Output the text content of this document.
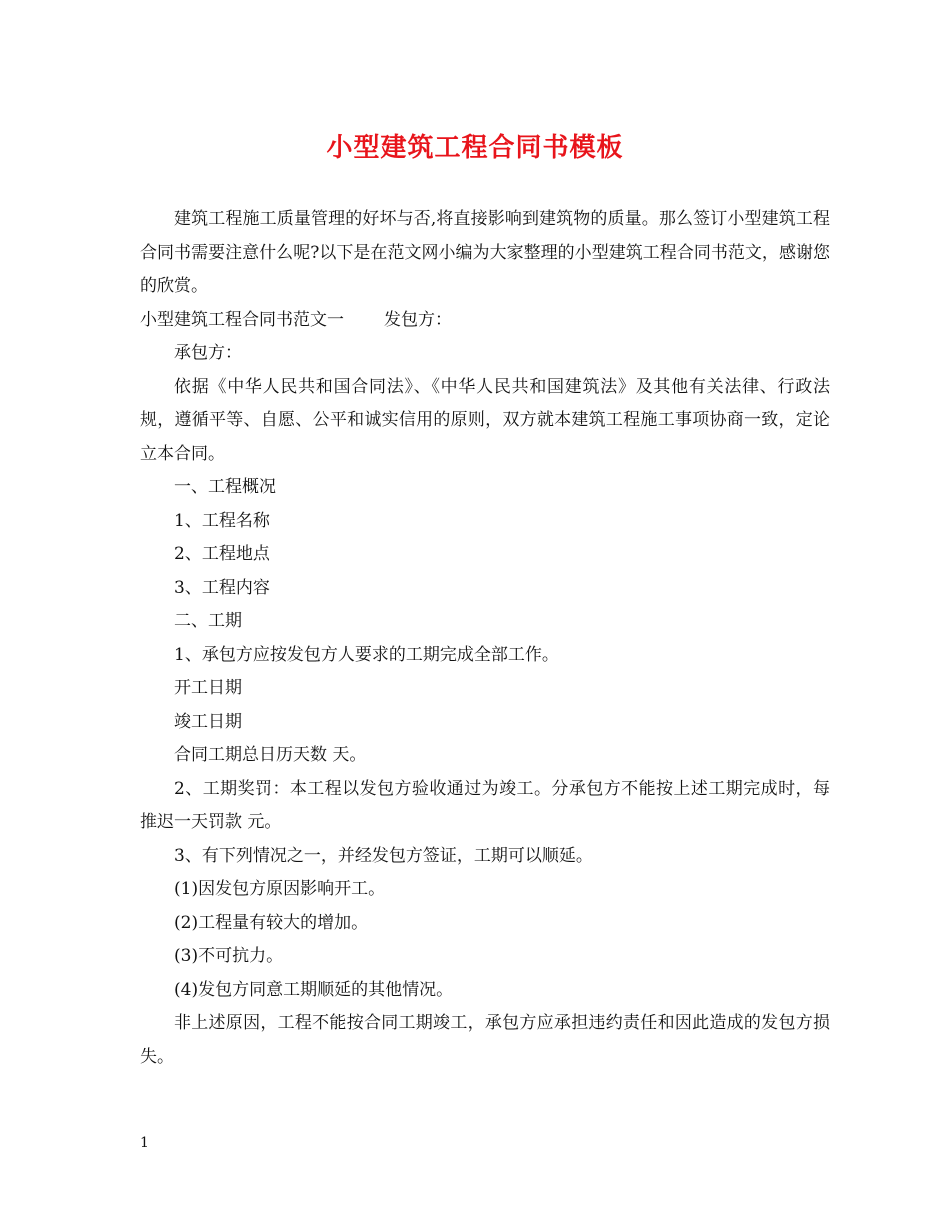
小型建筑工程合同书模板

建筑工程施工质量管理的好坏与否,将直接影响到建筑物的质量。那么签订小型建筑工程合同书需要注意什么呢?以下是在范文网小编为大家整理的小型建筑工程合同书范文，感谢您的欣赏。

小型建筑工程合同书范文一 发包方：

承包方：

依据《中华人民共和国合同法》、《中华人民共和国建筑法》及其他有关法律、行政法规，遵循平等、自愿、公平和诚实信用的原则，双方就本建筑工程施工事项协商一致，定论立本合同。

一、工程概况

1、工程名称

2、工程地点

3、工程内容

二、工期

1、承包方应按发包方人要求的工期完成全部工作。

开工日期

竣工日期

合同工期总日历天数 天。

2、工期奖罚：本工程以发包方验收通过为竣工。分承包方不能按上述工期完成时，每推迟一天罚款 元。

3、有下列情况之一，并经发包方签证，工期可以顺延。

(1)因发包方原因影响开工。

(2)工程量有较大的增加。

(3)不可抗力。

(4)发包方同意工期顺延的其他情况。

非上述原因，工程不能按合同工期竣工，承包方应承担违约责任和因此造成的发包方损失。

1
